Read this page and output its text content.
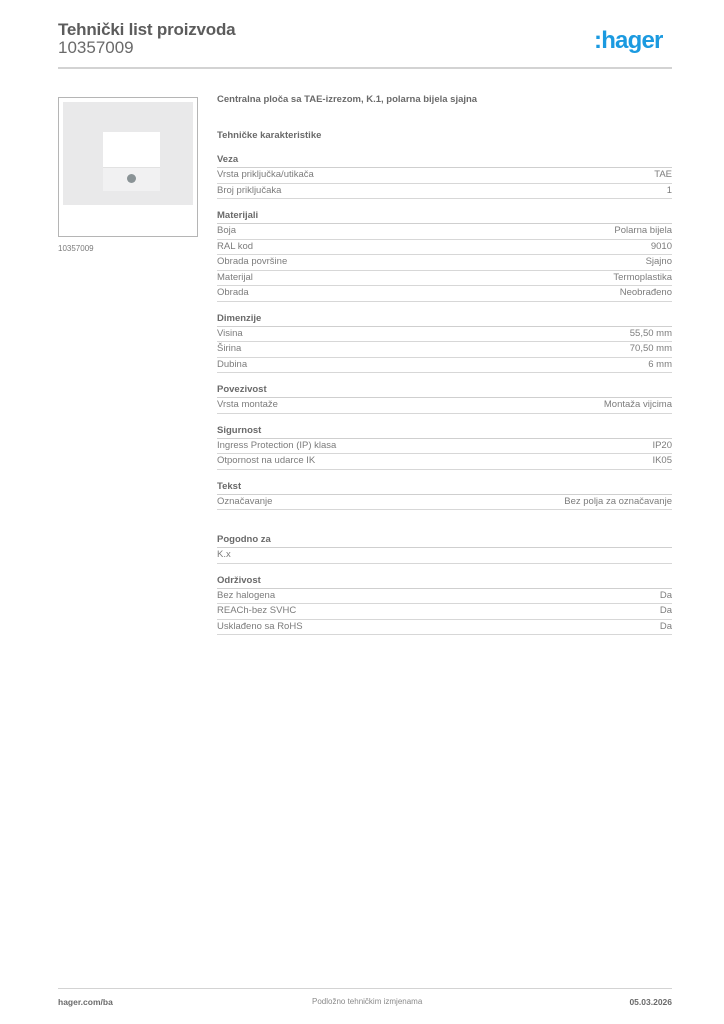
Tehnički list proizvoda
10357009	:hager
10357009
Centralna ploča sa TAE-izrezom, K.1, polarna bijela sjajna
Tehničke karakteristike
Veza
Vrsta priključka/utikača	TAE
Broj priključaka	1
Materijali
Boja	Polarna bijela
RAL kod	9010
Obrada površine	Sjajno
Materijal	Termoplastika
Obrada	Neobrađeno
Dimenzije
Visina	55,50 mm
Širina	70,50 mm
Dubina	6 mm
Povezivost
Vrsta montaže	Montaža vijcima
Sigurnost
Ingress Protection (IP) klasa	IP20
Otpornost na udarce IK	IK05
Tekst
Označavanje	Bez polja za označavanje
Pogodno za
K.x
Održivost
Bez halogena	Da
REACh-bez SVHC	Da
Usklađeno sa RoHS	Da
hager.com/ba	Podložno tehničkim izmjenama	05.03.2026
